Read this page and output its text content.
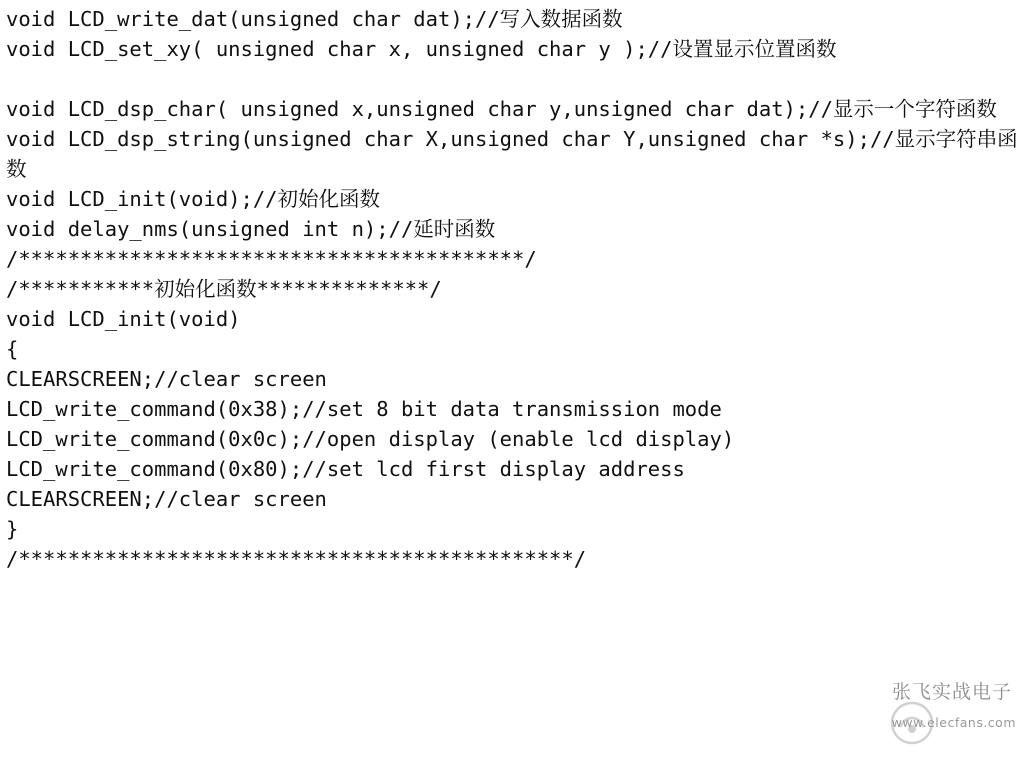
void LCD_write_dat(unsigned char dat);//写入数据函数
void LCD_set_xy( unsigned char x, unsigned char y );//设置显示位置函数
void LCD_dsp_char( unsigned x,unsigned char y,unsigned char dat);//显示一个字符函数
void LCD_dsp_string(unsigned char X,unsigned char Y,unsigned char *s);//显示字符串函数
void LCD_init(void);//初始化函数
void delay_nms(unsigned int n);//延时函数
/*****************************************/
/***********初始化函数**************/
void LCD_init(void)
{
CLEARSCREEN;//clear screen
LCD_write_command(0x38);//set 8 bit data transmission mode
LCD_write_command(0x0c);//open display (enable lcd display)
LCD_write_command(0x80);//set lcd first display address
CLEARSCREEN;//clear screen
}
/*********************************************/
张飞实战电子
www.elecfans.com
